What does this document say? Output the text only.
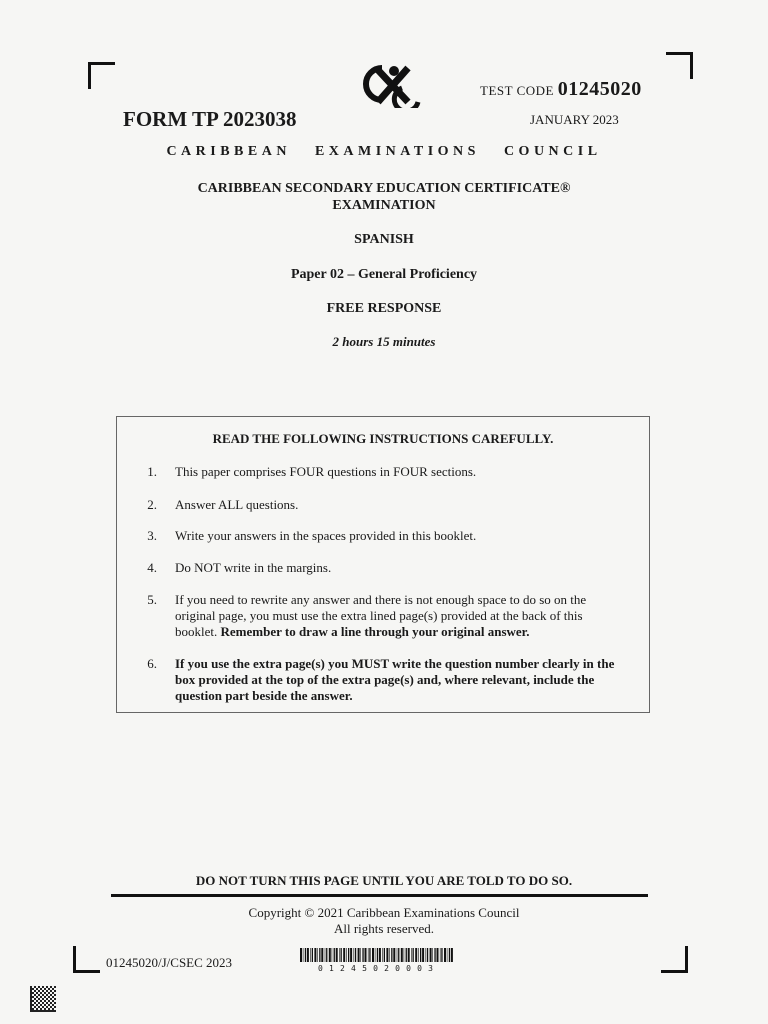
TEST CODE 01245020
FORM TP 2023038	JANUARY 2023
CARIBBEAN EXAMINATIONS COUNCIL
CARIBBEAN SECONDARY EDUCATION CERTIFICATE®
EXAMINATION
SPANISH
Paper 02 – General Proficiency
FREE RESPONSE
2 hours 15 minutes
READ THE FOLLOWING INSTRUCTIONS CAREFULLY.
1. This paper comprises FOUR questions in FOUR sections.
2. Answer ALL questions.
3. Write your answers in the spaces provided in this booklet.
4. Do NOT write in the margins.
5. If you need to rewrite any answer and there is not enough space to do so on the original page, you must use the extra lined page(s) provided at the back of this booklet. Remember to draw a line through your original answer.
6. If you use the extra page(s) you MUST write the question number clearly in the box provided at the top of the extra page(s) and, where relevant, include the question part beside the answer.
DO NOT TURN THIS PAGE UNTIL YOU ARE TOLD TO DO SO.
Copyright © 2021 Caribbean Examinations Council
All rights reserved.
01245020/J/CSEC 2023	01245020003
